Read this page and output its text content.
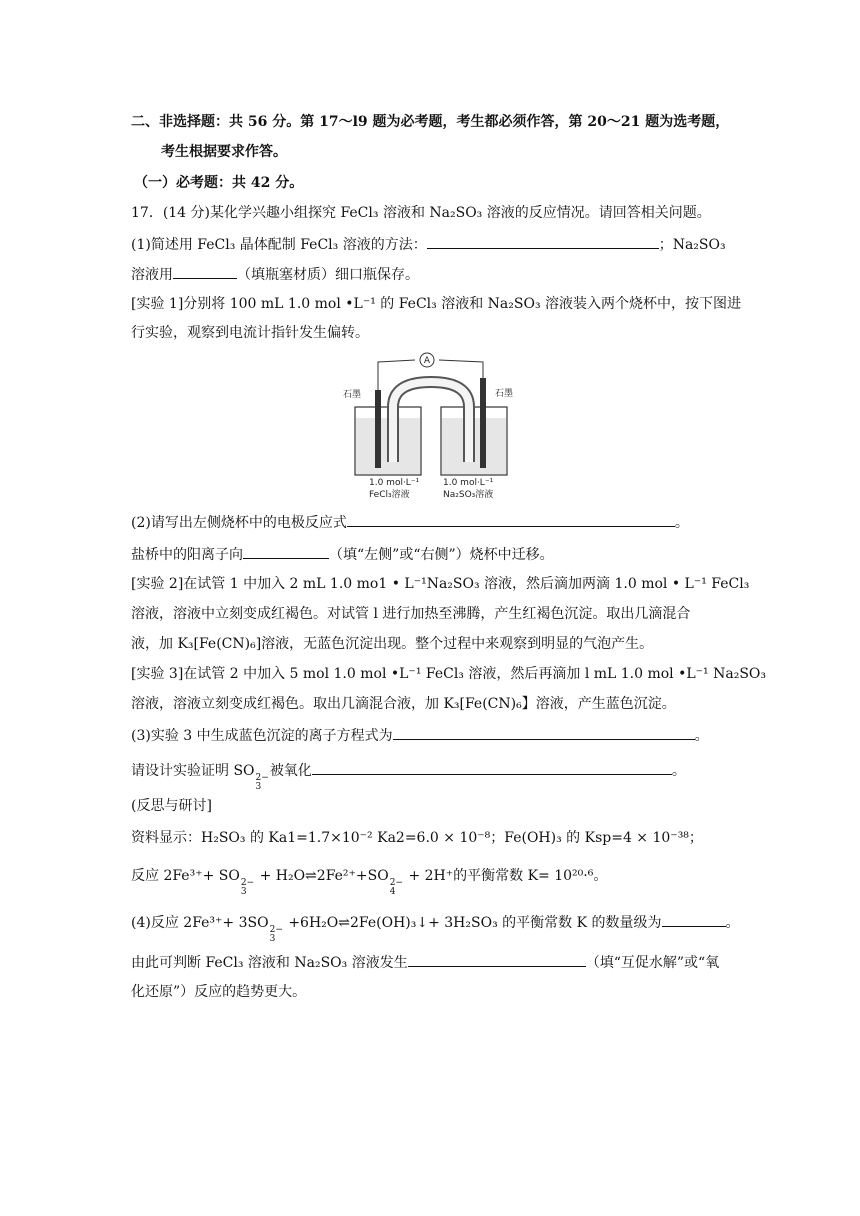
二、非选择题：共 56 分。第 17～l9 题为必考题，考生都必须作答，第 20～21 题为选考题，
考生根据要求作答。
（一）必考题：共 42 分。
17．(14 分)某化学兴趣小组探究 FeCl₃ 溶液和 Na₂SO₃ 溶液的反应情况。请回答相关问题。
(1)简述用 FeCl₃ 晶体配制 FeCl₃ 溶液的方法：	；Na₂SO₃
溶液用	（填瓶塞材质）细口瓶保存。
[实验 1]分别将 100 mL 1.0 mol •L⁻¹ 的 FeCl₃ 溶液和 Na₂SO₃ 溶液装入两个烧杯中，按下图进
行实验，观察到电流计指针发生偏转。
A
石墨	石墨
1.0 mol·L⁻¹
FeCl₃溶液
1.0 mol·L⁻¹
Na₂SO₃溶液
(2)请写出左侧烧杯中的电极反应式	。
盐桥中的阳离子向	（填“左侧”或“右侧”）烧杯中迁移。
[实验 2]在试管 1 中加入 2 mL 1.0 mo1 • L⁻¹Na₂SO₃ 溶液，然后滴加两滴 1.0 mol • L⁻¹ FeCl₃
溶液，溶液中立刻变成红褐色。对试管 l 进行加热至沸腾，产生红褐色沉淀。取出几滴混合
液，加 K₃[Fe(CN)₆]溶液，无蓝色沉淀出现。整个过程中来观察到明显的气泡产生。
[实验 3]在试管 2 中加入 5 mol 1.0 mol •L⁻¹ FeCl₃ 溶液，然后再滴加 l mL 1.0 mol •L⁻¹ Na₂SO₃
溶液，溶液立刻变成红褐色。取出几滴混合液，加 K₃[Fe(CN)₆】溶液，产生蓝色沉淀。
(3)实验 3 中生成蓝色沉淀的离子方程式为	。
请设计实验证明 SO 2−
3
被氧化	。
(反思与研讨]
资料显示：H₂SO₃ 的 Ka1=1.7×10⁻² Ka2=6.0 × 10⁻⁸；Fe(OH)₃ 的 Ksp=4 × 10⁻³⁸；
反应 2Fe³⁺+ SO 2−
3
+ H₂O⇌2Fe²⁺+SO 2−
4
+ 2H⁺的平衡常数 K= 10²⁰·⁶。
(4)反应 2Fe³⁺+ 3SO 2−
3
+6H₂O⇌2Fe(OH)₃↓+ 3H₂SO₃ 的平衡常数 K 的数量级为	。
由此可判断 FeCl₃ 溶液和 Na₂SO₃ 溶液发生	（填“互促水解”或“氧
化还原”）反应的趋势更大。
